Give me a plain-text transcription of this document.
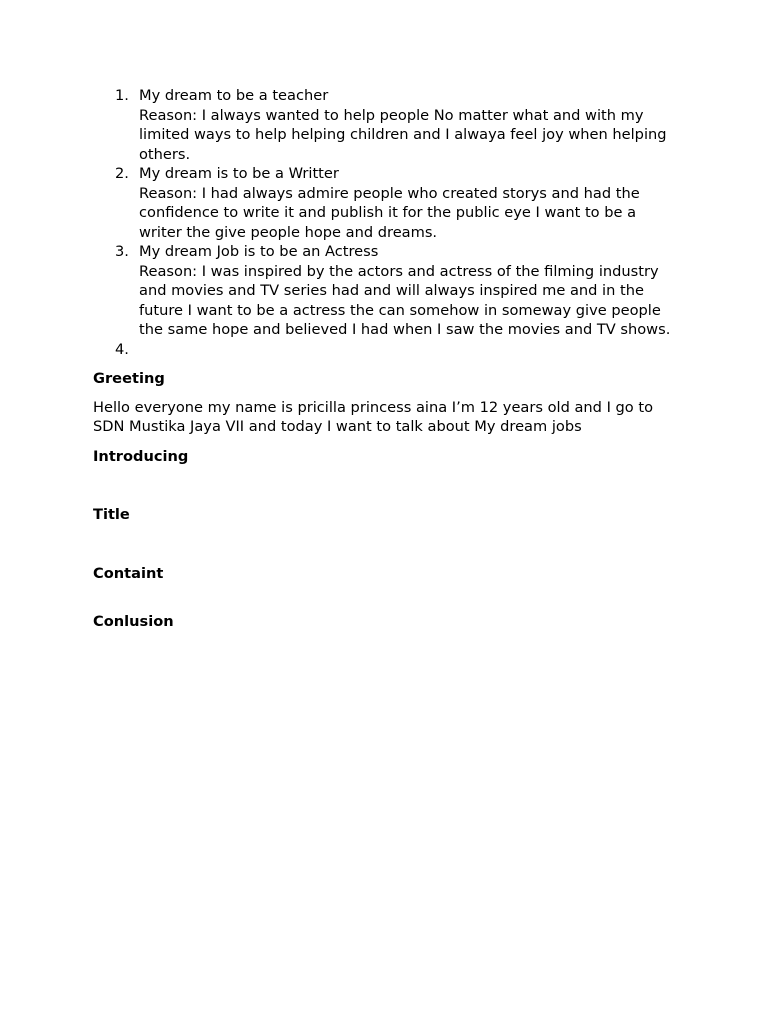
1. My dream to be a teacher
Reason: I always wanted to help people No matter what and with my limited ways to help helping children and I alwaya feel joy when helping others.
2. My dream is to be a Writter
Reason: I had always admire people who created storys and had the confidence to write it and publish it for the public eye I want to be a writer the give people hope and dreams.
3. My dream Job is to be an Actress
Reason: I was inspired by the actors and actress of the filming industry and movies and TV series had and will always inspired me and in the future I want to be a actress the can somehow in someway give people the same hope and believed I had when I saw the movies and TV shows.
4.

Greeting

Hello everyone my name is pricilla princess aina I’m 12 years old and I go to SDN Mustika Jaya VII and today I want to talk about My dream jobs

Introducing

Title

Containt

Conlusion
